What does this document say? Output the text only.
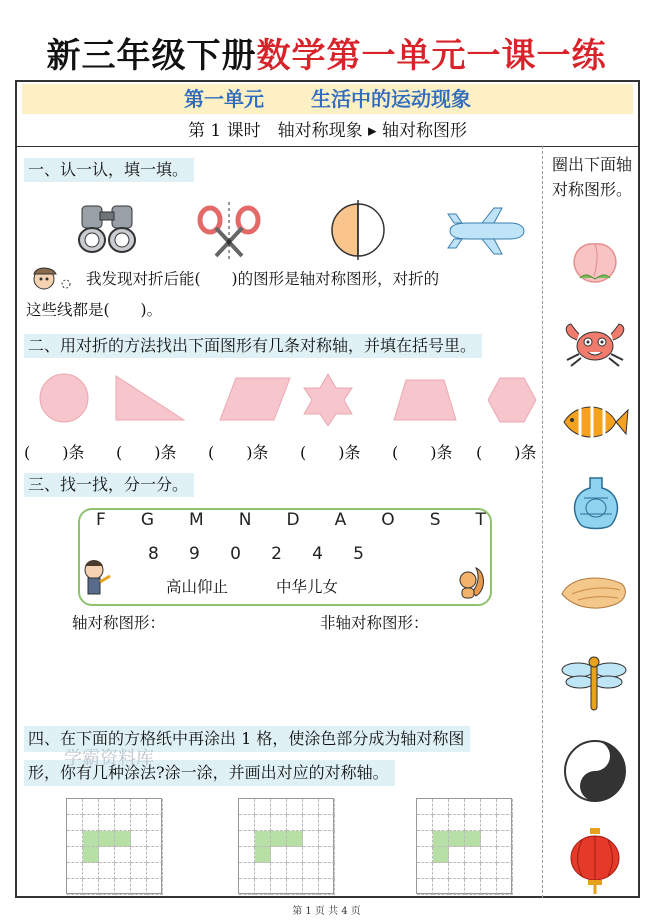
新三年级下册数学第一单元一课一练
第一单元 生活中的运动现象
第 1 课时　轴对称现象 ▸ 轴对称图形
圈出下面轴对称图形。
一、认一认，填一填。
我发现对折后能(　　)的图形是轴对称图形，对折的
这些线都是(　　)。
二、用对折的方法找出下面图形有几条对称轴，并填在括号里。
(　　)条 (　　)条 (　　)条 (　　)条 (　　)条 (　　)条
三、找一找，分一分。
F G M N D A O S T
8 9 0 2 4 5
高山仰止	中华儿女
轴对称图形：	非轴对称图形：
四、在下面的方格纸中再涂出 1 格，使涂色部分成为轴对称图
形，你有几种涂法?涂一涂，并画出对应的对称轴。
学霸资料库
第 1 页 共 4 页
